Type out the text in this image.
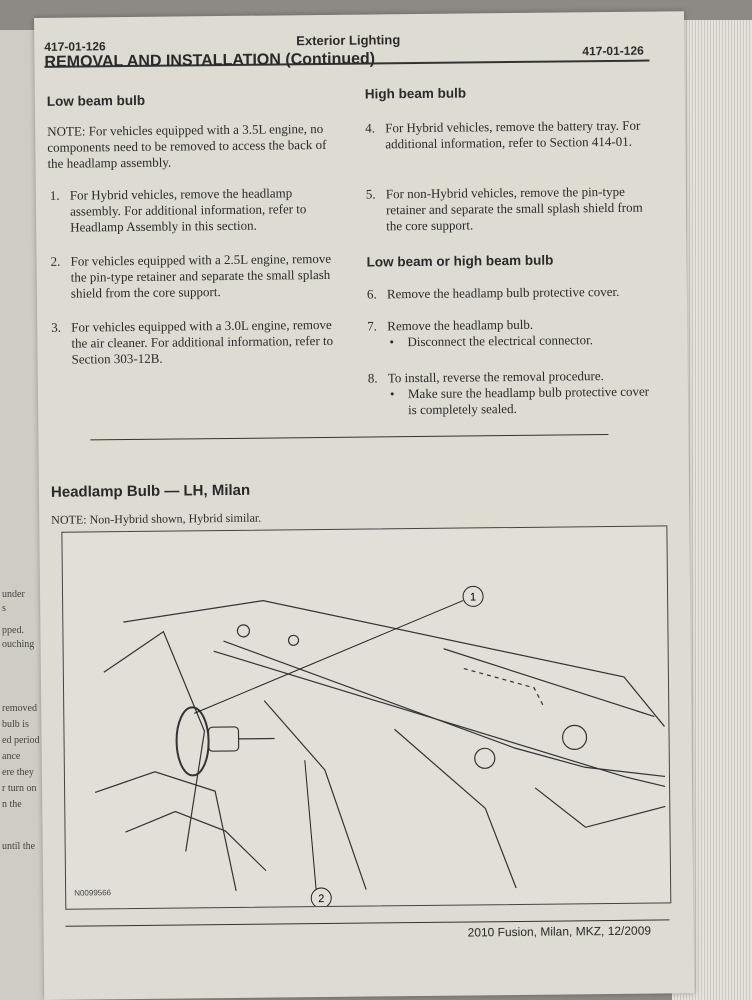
under
s
pped.
ouching
removed
bulb is
ed period
ance
ere they
r turn on
n the
until the
417-01-126	Exterior Lighting
417-01-126
REMOVAL AND INSTALLATION (Continued)
Low beam bulb
NOTE: For vehicles equipped with a 3.5L engine, no components need to be removed to access the back of the headlamp assembly.
1. For Hybrid vehicles, remove the headlamp assembly. For additional information, refer to Headlamp Assembly in this section.
2. For vehicles equipped with a 2.5L engine, remove the pin-type retainer and separate the small splash shield from the core support.
3. For vehicles equipped with a 3.0L engine, remove the air cleaner. For additional information, refer to Section 303-12B.
High beam bulb
4. For Hybrid vehicles, remove the battery tray. For additional information, refer to Section 414-01.
5. For non-Hybrid vehicles, remove the pin-type retainer and separate the small splash shield from the core support.
Low beam or high beam bulb
6. Remove the headlamp bulb protective cover.
7. Remove the headlamp bulb.
• Disconnect the electrical connector.
8. To install, reverse the removal procedure.
• Make sure the headlamp bulb protective cover is completely sealed.
Headlamp Bulb — LH, Milan
NOTE: Non-Hybrid shown, Hybrid similar.
1
2
N0099566
2010 Fusion, Milan, MKZ, 12/2009
